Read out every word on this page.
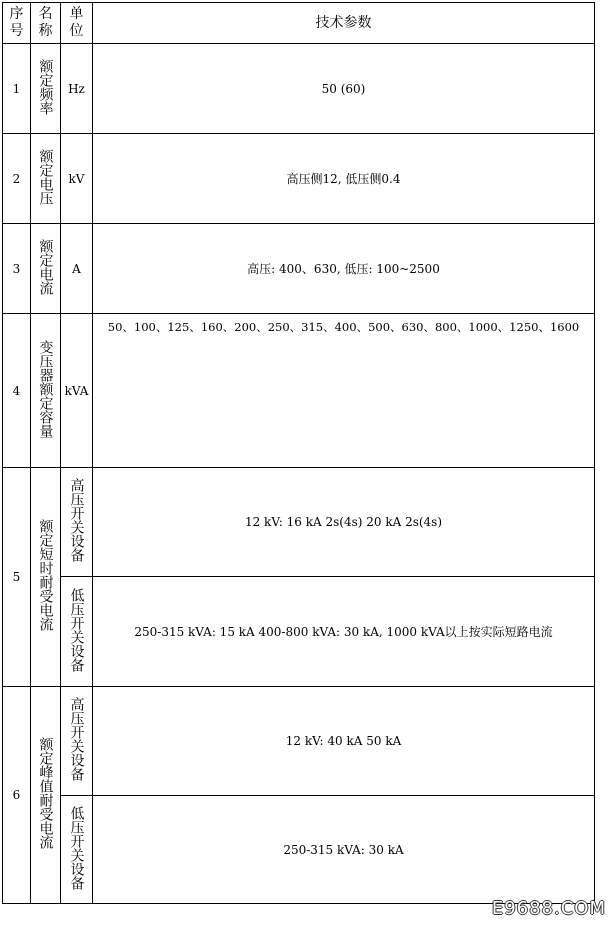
序号	名称	单位	技术参数
1	额定频率	Hz	50 (60)
2	额定电压	kV	高压侧12, 低压侧0.4
3	额定电流	A	高压: 400、630, 低压: 100~2500
4	变压器额定容量	kVA	50、100、125、160、200、250、315、400、500、630、800、1000、1250、1600
5	额定短时耐受电流	高压开关设备	12 kV: 16 kA 2s(4s) 20 kA 2s(4s)
		低压开关设备	250-315 kVA: 15 kA 400-800 kVA: 30 kA, 1000 kVA以上按实际短路电流
6	额定峰值耐受电流	高压开关设备	12 kV: 40 kA 50 kA
		低压开关设备	250-315 kVA: 30 kA
E9688.COM
